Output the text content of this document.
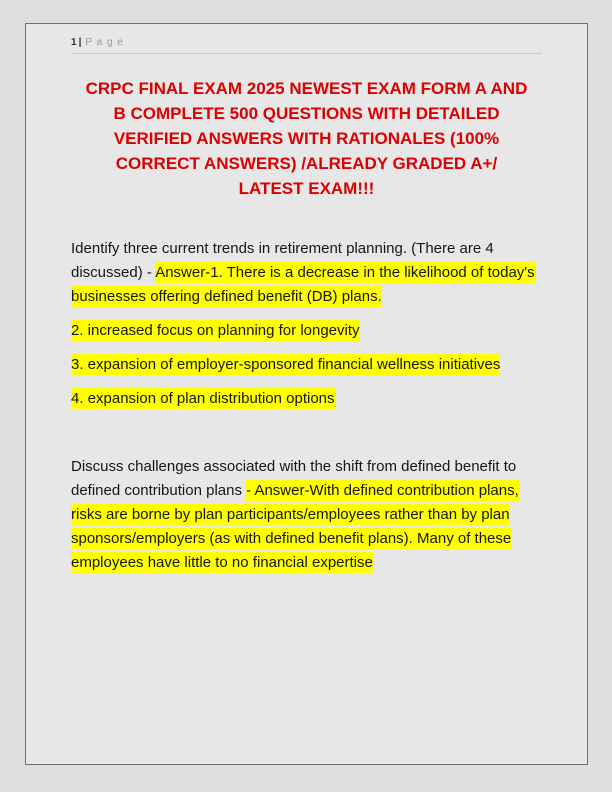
1 | P a g e
CRPC FINAL EXAM 2025 NEWEST EXAM FORM A AND
B COMPLETE 500 QUESTIONS WITH DETAILED
VERIFIED ANSWERS WITH RATIONALES (100%
CORRECT ANSWERS) /ALREADY GRADED A+/
LATEST EXAM!!!

Identify three current trends in retirement planning. (There are 4 discussed) - Answer-1. There is a decrease in the likelihood of today's businesses offering defined benefit (DB) plans.

2. increased focus on planning for longevity

3. expansion of employer-sponsored financial wellness initiatives

4. expansion of plan distribution options

Discuss challenges associated with the shift from defined benefit to defined contribution plans - Answer-With defined contribution plans, risks are borne by plan participants/employees rather than by plan sponsors/employers (as with defined benefit plans). Many of these employees have little to no financial expertise
